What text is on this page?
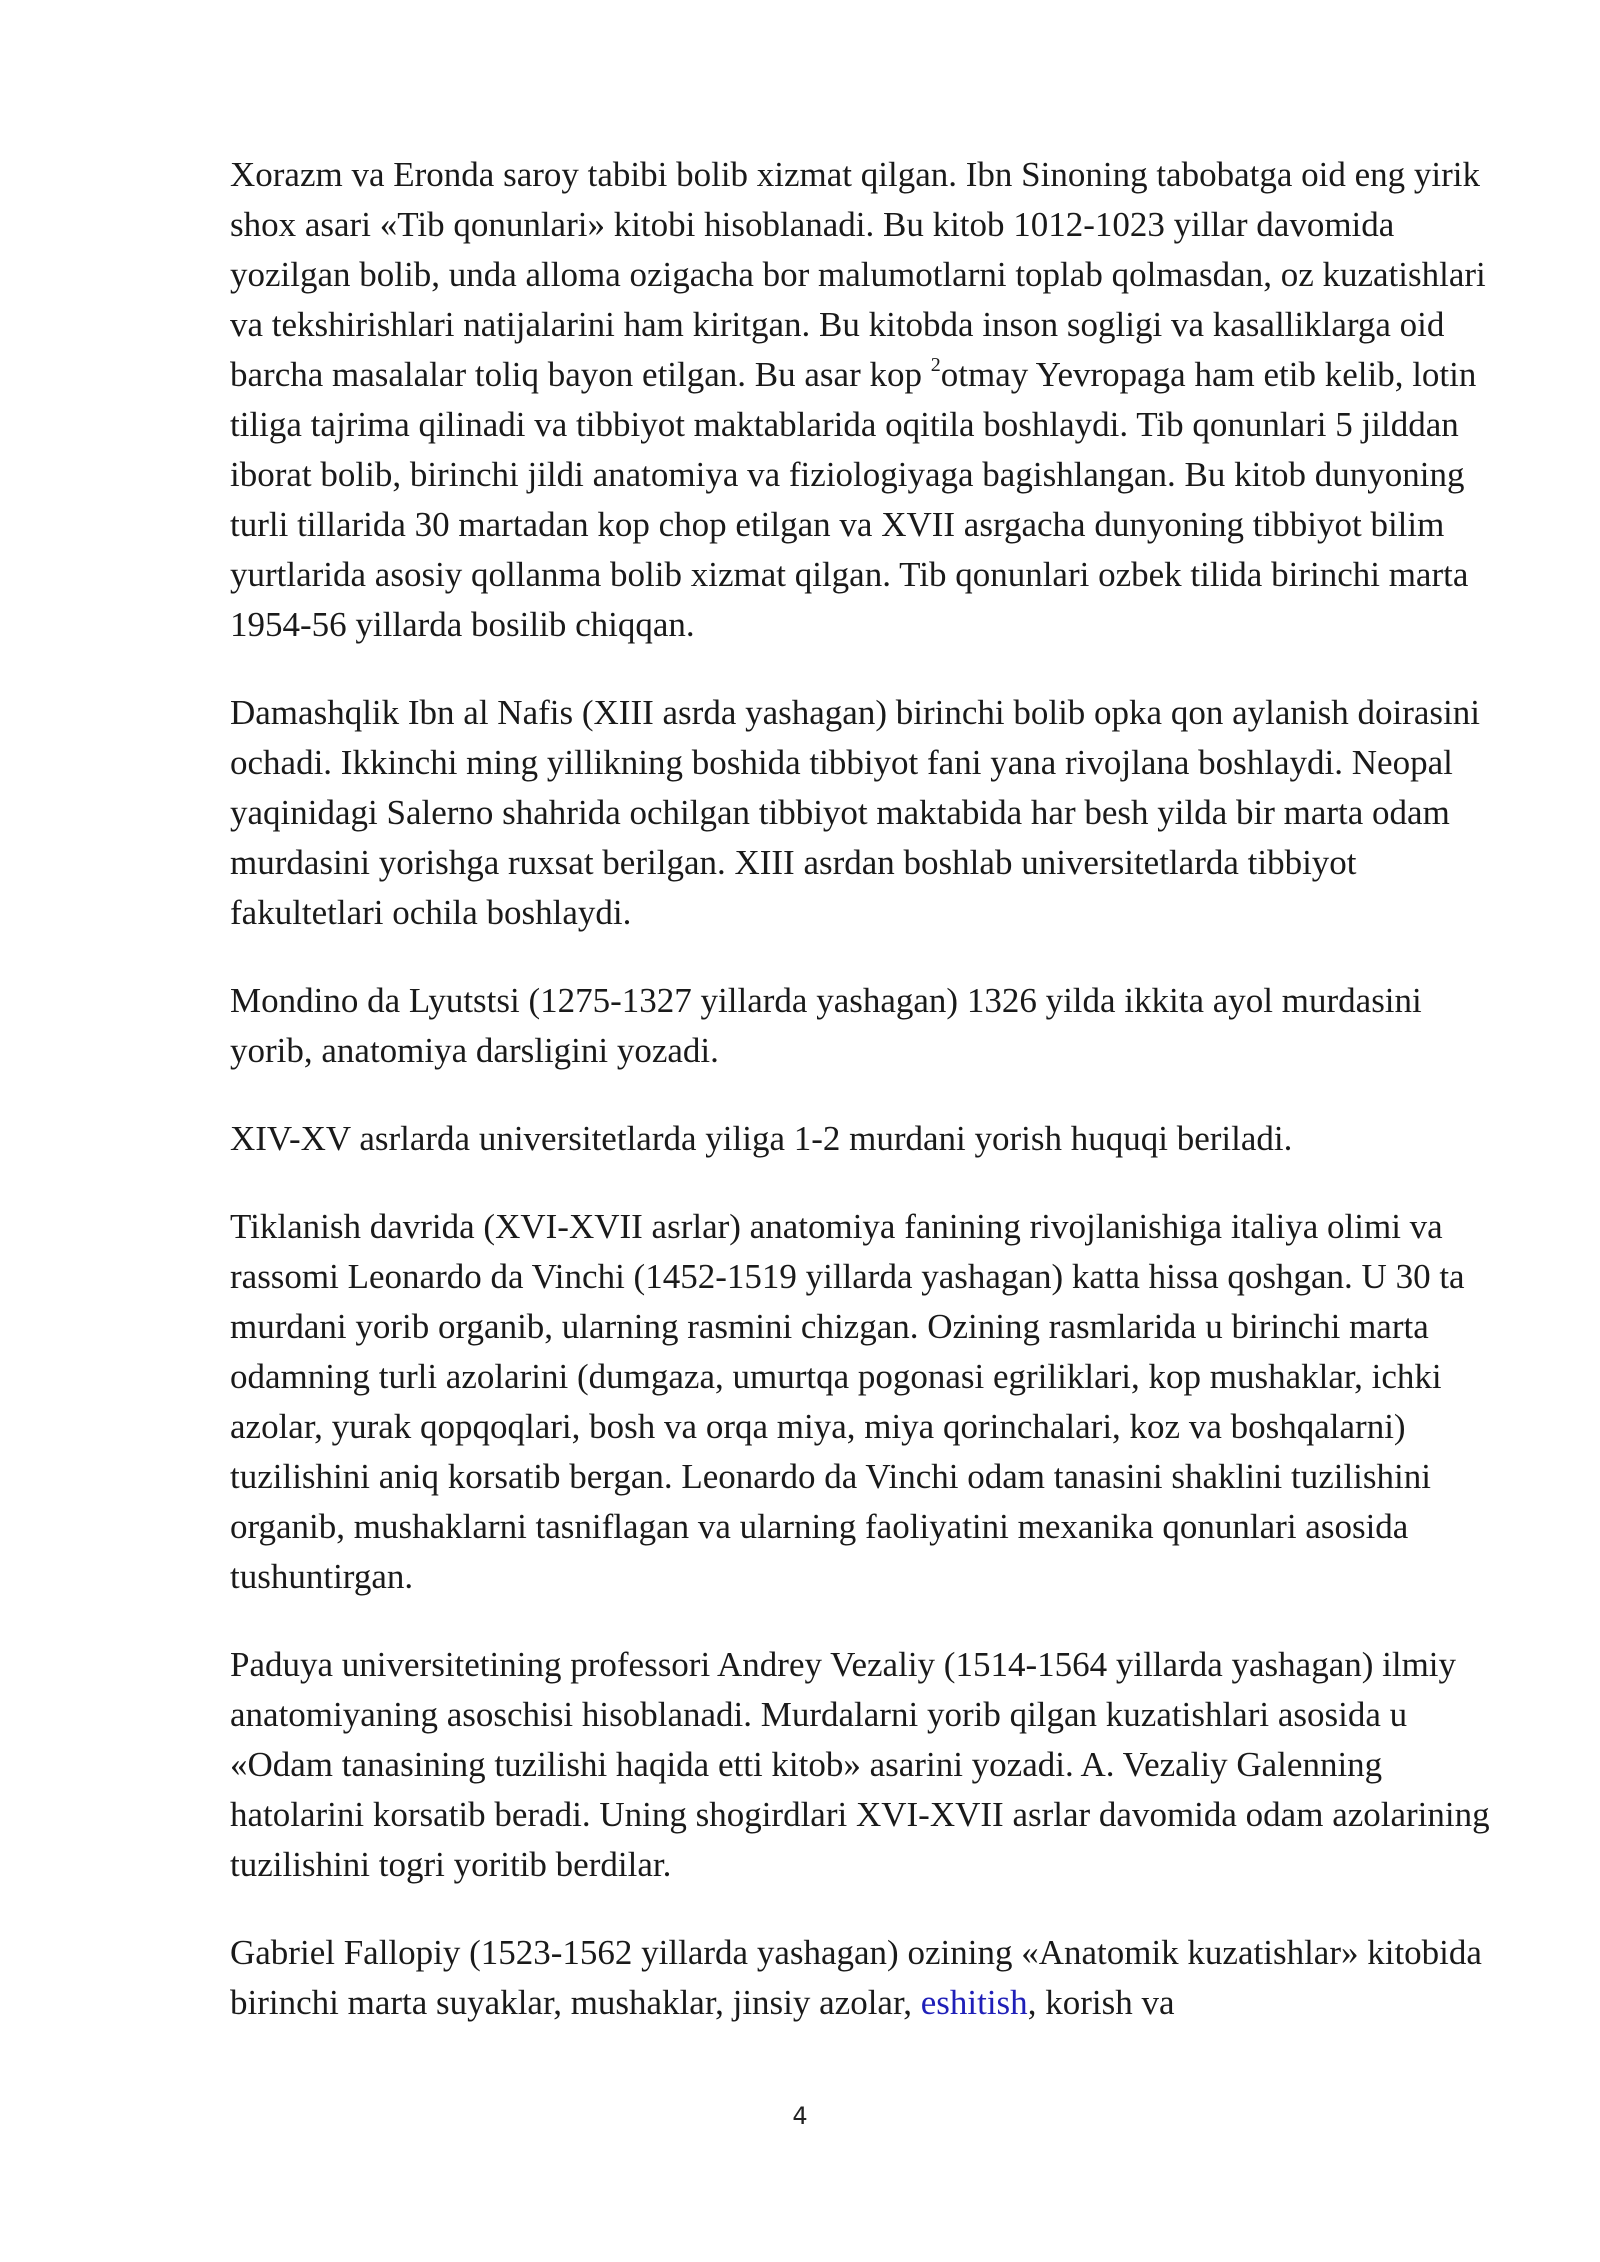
Xorazm va Eronda saroy tabibi bolib xizmat qilgan. Ibn Sinoning tabobatga oid eng yirik shox asari «Tib qonunlari» kitobi hisoblanadi. Bu kitob 1012-1023 yillar davomida yozilgan bolib, unda alloma ozigacha bor malumotlarni toplab qolmasdan, oz kuzatishlari va tekshirishlari natijalarini ham kiritgan. Bu kitobda inson sogligi va kasalliklarga oid barcha masalalar toliq bayon etilgan. Bu asar kop $^2$otmay Yevropaga ham etib kelib, lotin tiliga tajrima qilinadi va tibbiyot maktablarida oqitila boshlaydi. Tib qonunlari 5 jilddan iborat bolib, birinchi jildi anatomiya va fiziologiyaga bagishlangan. Bu kitob dunyoning turli tillarida 30 martadan kop chop etilgan va XVII asrgacha dunyoning tibbiyot bilim yurtlarida asosiy qollanma bolib xizmat qilgan. Tib qonunlari ozbek tilida birinchi marta 1954-56 yillarda bosilib chiqqan.

Damashqlik Ibn al Nafis (XIII asrda yashagan) birinchi bolib opka qon aylanish doirasini ochadi. Ikkinchi ming yillikning boshida tibbiyot fani yana rivojlana boshlaydi. Neopal yaqinidagi Salerno shahrida ochilgan tibbiyot maktabida har besh yilda bir marta odam murdasini yorishga ruxsat berilgan. XIII asrdan boshlab universitetlarda tibbiyot fakultetlari ochila boshlaydi.

Mondino da Lyutstsi (1275-1327 yillarda yashagan) 1326 yilda ikkita ayol murdasini yorib, anatomiya darsligini yozadi.

XIV-XV asrlarda universitetlarda yiliga 1-2 murdani yorish huquqi beriladi.

Tiklanish davrida (XVI-XVII asrlar) anatomiya fanining rivojlanishiga italiya olimi va rassomi Leonardo da Vinchi (1452-1519 yillarda yashagan) katta hissa qoshgan. U 30 ta murdani yorib organib, ularning rasmini chizgan. Ozining rasmlarida u birinchi marta odamning turli azolarini (dumgaza, umurtqa pogonasi egriliklari, kop mushaklar, ichki azolar, yurak qopqoqlari, bosh va orqa miya, miya qorinchalari, koz va boshqalarni) tuzilishini aniq korsatib bergan. Leonardo da Vinchi odam tanasini shaklini tuzilishini organib, mushaklarni tasniflagan va ularning faoliyatini mexanika qonunlari asosida tushuntirgan.

Paduya universitetining professori Andrey Vezaliy (1514-1564 yillarda yashagan) ilmiy anatomiyaning asoschisi hisoblanadi. Murdalarni yorib qilgan kuzatishlari asosida u «Odam tanasining tuzilishi haqida etti kitob» asarini yozadi. A. Vezaliy Galenning hatolarini korsatib beradi. Uning shogirdlari XVI-XVII asrlar davomida odam azolarining tuzilishini togri yoritib berdilar.

Gabriel Fallopiy (1523-1562 yillarda yashagan) ozining «Anatomik kuzatishlar» kitobida birinchi marta suyaklar, mushaklar, jinsiy azolar, eshitish, korish va

4
